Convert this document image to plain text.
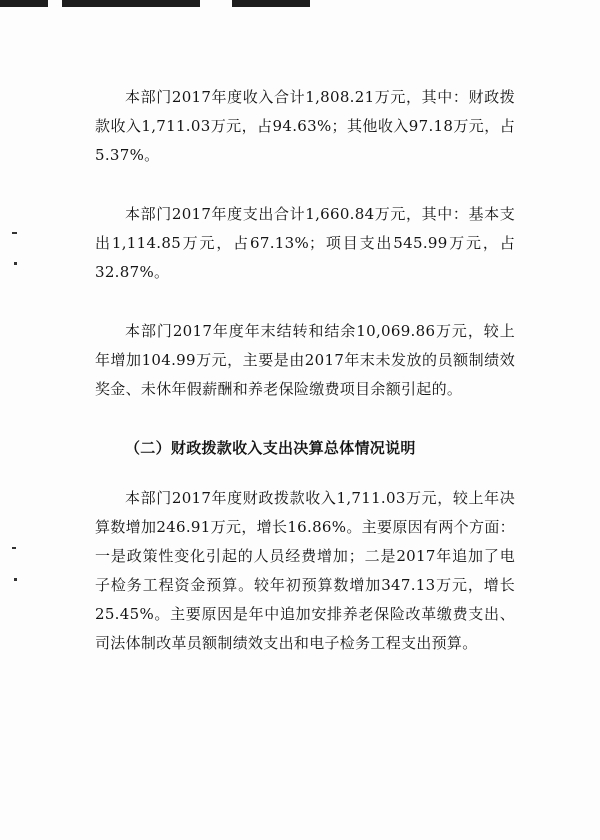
本部门2017年度收入合计1,808.21万元，其中：财政拨款收入1,711.03万元，占94.63%；其他收入97.18万元，占5.37%。

本部门2017年度支出合计1,660.84万元，其中：基本支出1,114.85万元，占67.13%；项目支出545.99万元，占32.87%。

本部门2017年度年末结转和结余10,069.86万元，较上年增加104.99万元，主要是由2017年末未发放的员额制绩效奖金、未休年假薪酬和养老保险缴费项目余额引起的。

（二）财政拨款收入支出决算总体情况说明

本部门2017年度财政拨款收入1,711.03万元，较上年决算数增加246.91万元，增长16.86%。主要原因有两个方面：一是政策性变化引起的人员经费增加；二是2017年追加了电子检务工程资金预算。较年初预算数增加347.13万元，增长25.45%。主要原因是年中追加安排养老保险改革缴费支出、司法体制改革员额制绩效支出和电子检务工程支出预算。
